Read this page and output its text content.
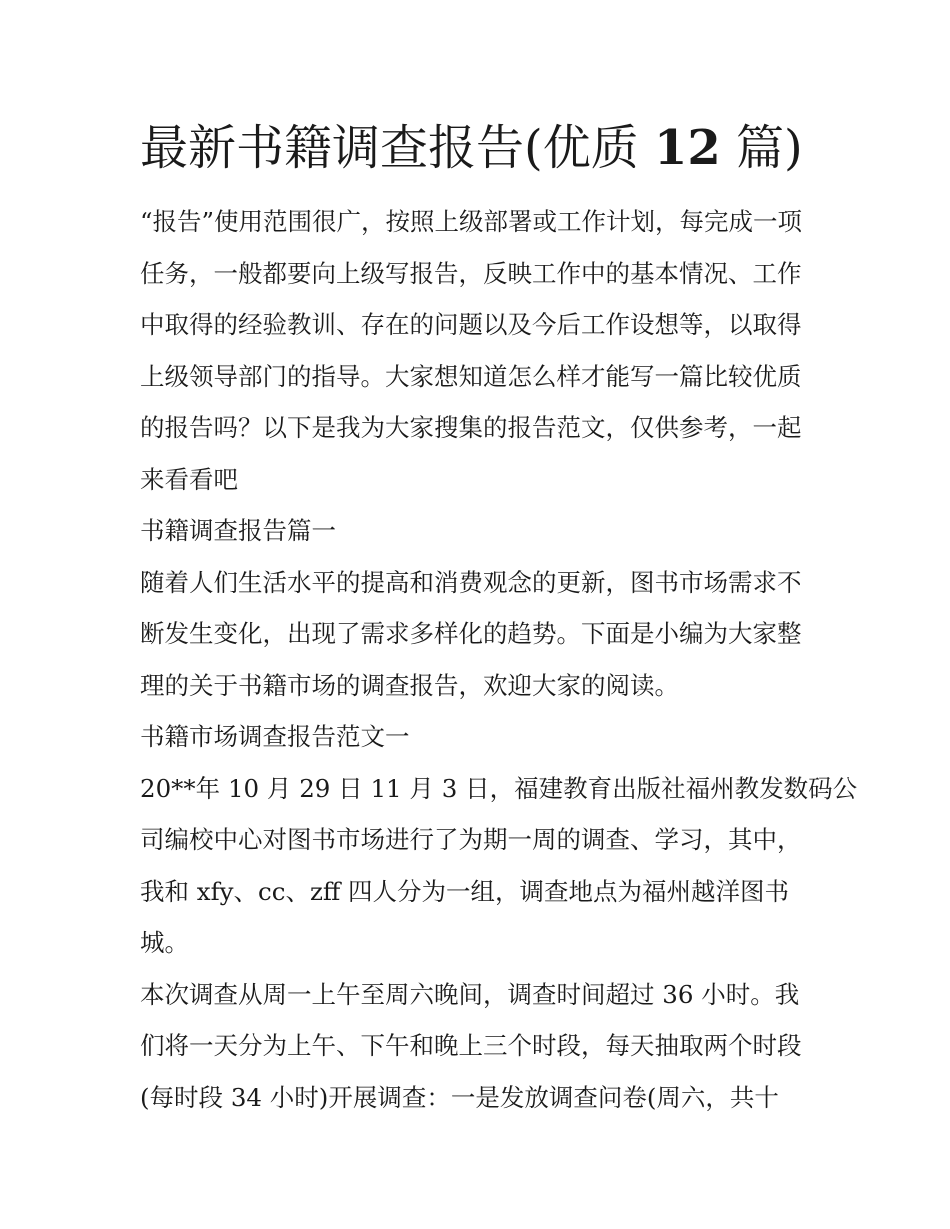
最新书籍调查报告(优质 12 篇)

“报告”使用范围很广，按照上级部署或工作计划，每完成一项
任务，一般都要向上级写报告，反映工作中的基本情况、工作
中取得的经验教训、存在的问题以及今后工作设想等，以取得
上级领导部门的指导。大家想知道怎么样才能写一篇比较优质
的报告吗？以下是我为大家搜集的报告范文，仅供参考，一起
来看看吧

书籍调查报告篇一

随着人们生活水平的提高和消费观念的更新，图书市场需求不
断发生变化，出现了需求多样化的趋势。下面是小编为大家整
理的关于书籍市场的调查报告，欢迎大家的阅读。

书籍市场调查报告范文一

20**年 10 月 29 日 11 月 3 日，福建教育出版社福州教发数码公
司编校中心对图书市场进行了为期一周的调查、学习，其中，
我和 xfy、cc、zff 四人分为一组，调查地点为福州越洋图书
城。

本次调查从周一上午至周六晚间，调查时间超过 36 小时。我
们将一天分为上午、下午和晚上三个时段，每天抽取两个时段
(每时段 34 小时)开展调查：一是发放调查问卷(周六，共十
